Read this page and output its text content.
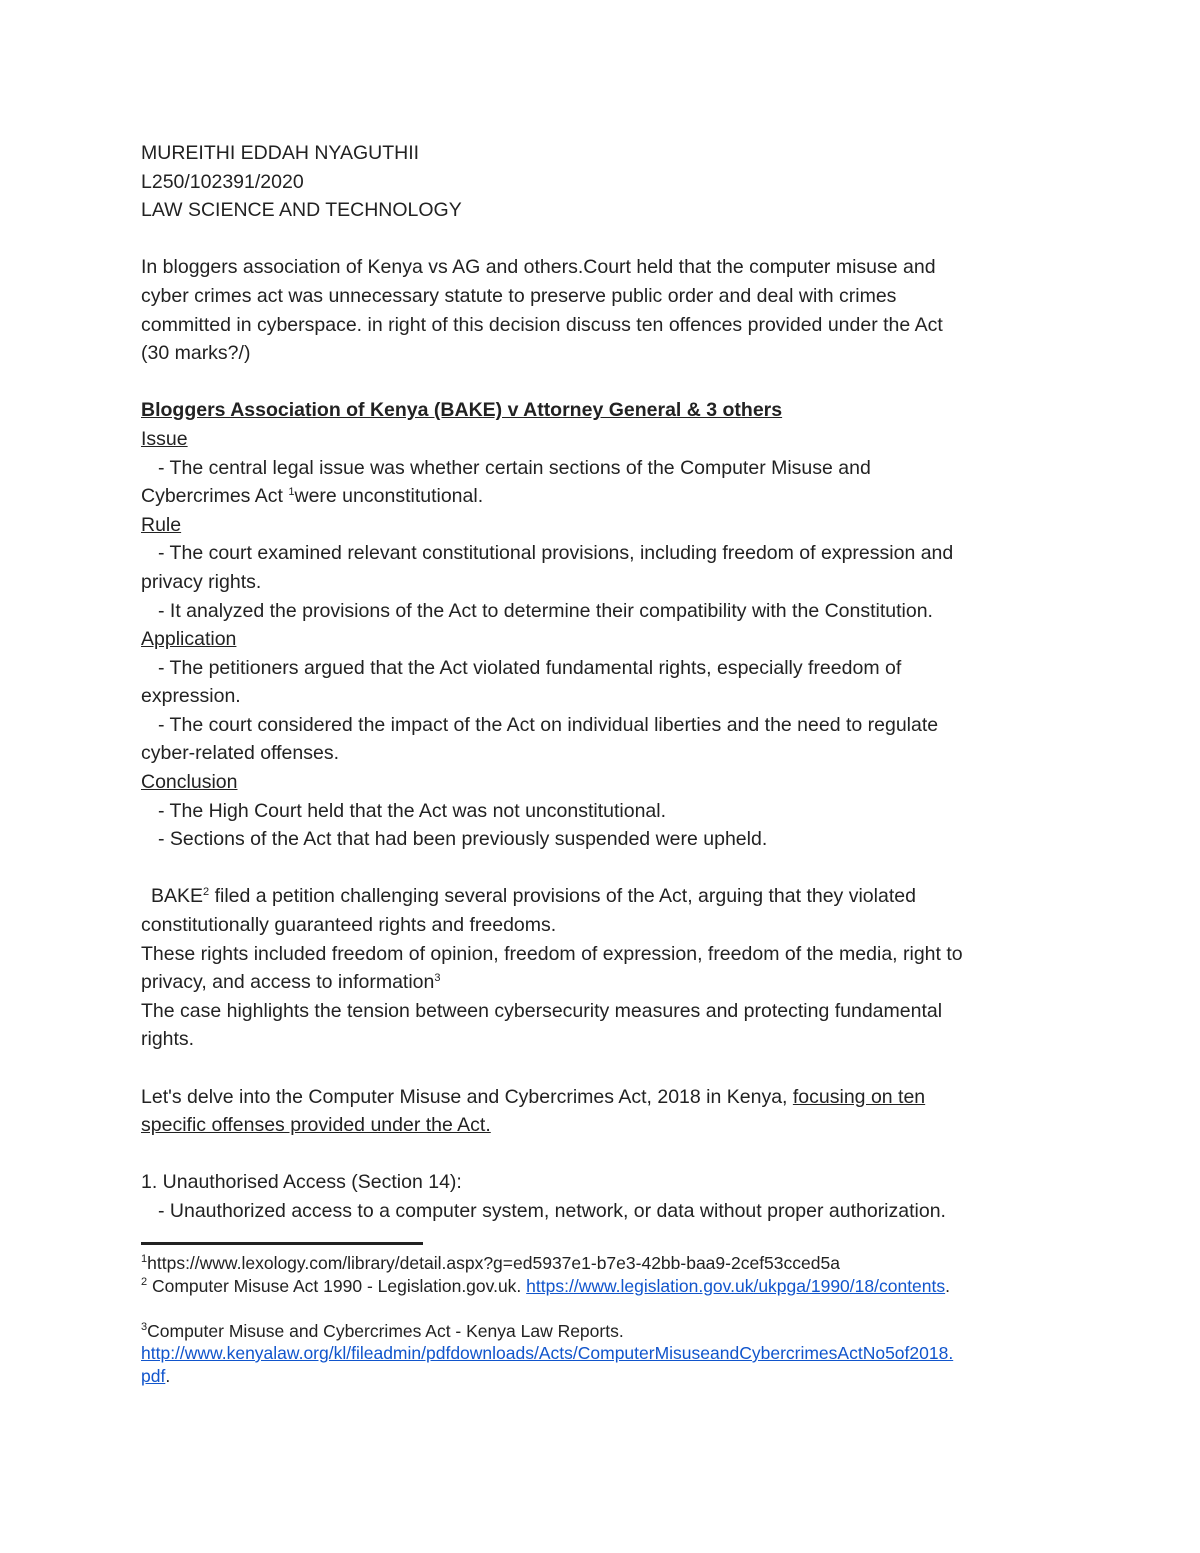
MUREITHI EDDAH NYAGUTHII

L250/102391/2020

LAW SCIENCE AND TECHNOLOGY

In bloggers association of Kenya vs AG and others.Court held that the computer misuse and

cyber crimes act was unnecessary statute to preserve public order and deal with crimes

committed in cyberspace. in right of this decision discuss ten offences provided under the Act

(30 marks?/)

Bloggers Association of Kenya (BAKE) v Attorney General & 3 others

Issue

- The central legal issue was whether certain sections of the Computer Misuse and

Cybercrimes Act $^1$were unconstitutional.

Rule

- The court examined relevant constitutional provisions, including freedom of expression and

privacy rights.

- It analyzed the provisions of the Act to determine their compatibility with the Constitution.

Application

- The petitioners argued that the Act violated fundamental rights, especially freedom of

expression.

- The court considered the impact of the Act on individual liberties and the need to regulate

cyber-related offenses.

Conclusion

- The High Court held that the Act was not unconstitutional.

- Sections of the Act that had been previously suspended were upheld.

BAKE$^2$ filed a petition challenging several provisions of the Act, arguing that they violated

constitutionally guaranteed rights and freedoms.

These rights included freedom of opinion, freedom of expression, freedom of the media, right to

privacy, and access to information$^3$

The case highlights the tension between cybersecurity measures and protecting fundamental

rights.

Let's delve into the Computer Misuse and Cybercrimes Act, 2018 in Kenya, focusing on ten

specific offenses provided under the Act.

1. Unauthorised Access (Section 14):

- Unauthorized access to a computer system, network, or data without proper authorization.

$^1$https://www.lexology.com/library/detail.aspx?g=ed5937e1-b7e3-42bb-baa9-2cef53cced5a

$^2$ Computer Misuse Act 1990 - Legislation.gov.uk. https://www.legislation.gov.uk/ukpga/1990/18/contents.

$^3$Computer Misuse and Cybercrimes Act - Kenya Law Reports.

http://www.kenyalaw.org/kl/fileadmin/pdfdownloads/Acts/ComputerMisuseandCybercrimesActNo5of2018.

pdf.
